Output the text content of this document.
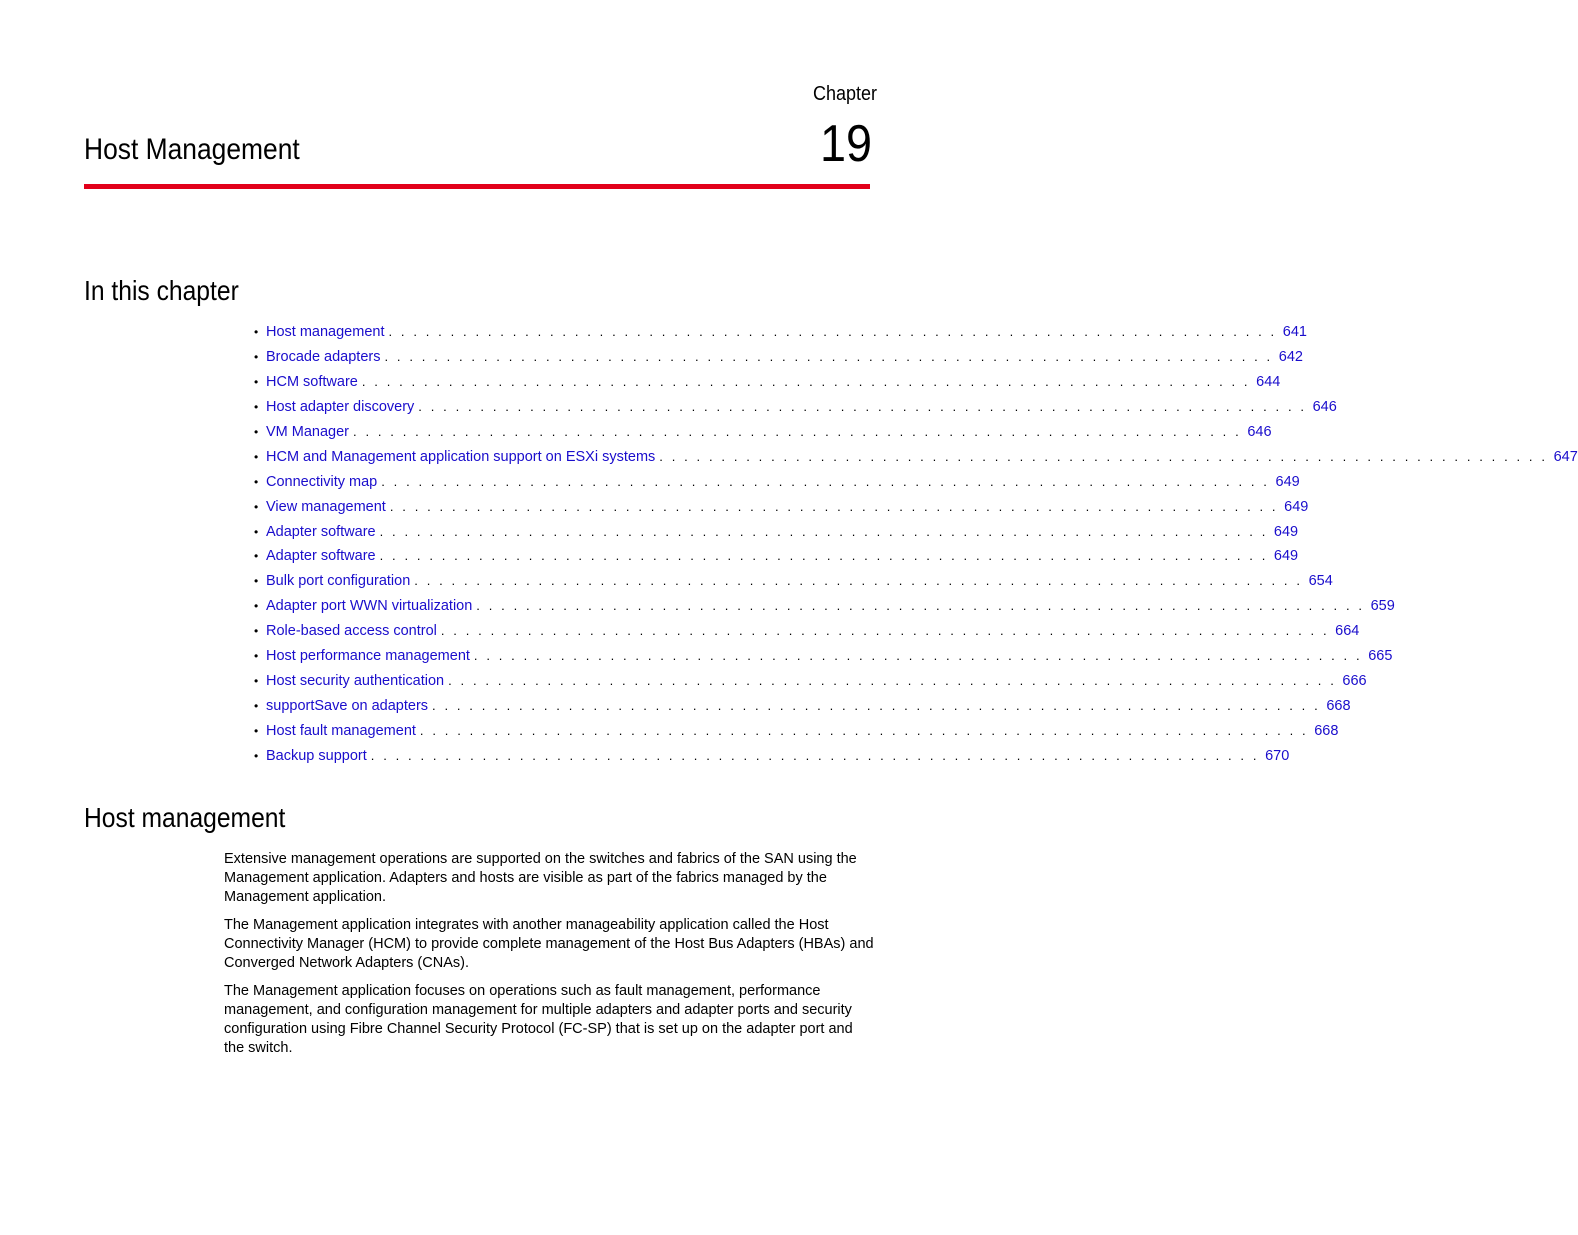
Chapter
19
Host Management
In this chapter
• Host management . . . . . . . . . . . . . . . . . . . . . . . . . . . . . . . . . . . . . . . . . . . . . . . . . . . . . . . . . . . . . . . . . . . . . . . . 641
• Brocade adapters . . . . . . . . . . . . . . . . . . . . . . . . . . . . . . . . . . . . . . . . . . . . . . . . . . . . . . . . . . . . . . . . . . . . . . . . 642
• HCM software . . . . . . . . . . . . . . . . . . . . . . . . . . . . . . . . . . . . . . . . . . . . . . . . . . . . . . . . . . . . . . . . . . . . . . . . 644
• Host adapter discovery . . . . . . . . . . . . . . . . . . . . . . . . . . . . . . . . . . . . . . . . . . . . . . . . . . . . . . . . . . . . . . . . . . . . . . . . 646
• VM Manager . . . . . . . . . . . . . . . . . . . . . . . . . . . . . . . . . . . . . . . . . . . . . . . . . . . . . . . . . . . . . . . . . . . . . . . . 646
• HCM and Management application support on ESXi systems . . . . . . . . . . . . . . . . . . . . . . . . . . . . . . . . . . . . . . . . . . . . . . . . . . . . . . . . . . . . . . . . . . . . . . . . 647
• Connectivity map . . . . . . . . . . . . . . . . . . . . . . . . . . . . . . . . . . . . . . . . . . . . . . . . . . . . . . . . . . . . . . . . . . . . . . . . 649
• View management . . . . . . . . . . . . . . . . . . . . . . . . . . . . . . . . . . . . . . . . . . . . . . . . . . . . . . . . . . . . . . . . . . . . . . . . 649
• Adapter software . . . . . . . . . . . . . . . . . . . . . . . . . . . . . . . . . . . . . . . . . . . . . . . . . . . . . . . . . . . . . . . . . . . . . . . . 649
• Adapter software . . . . . . . . . . . . . . . . . . . . . . . . . . . . . . . . . . . . . . . . . . . . . . . . . . . . . . . . . . . . . . . . . . . . . . . . 649
• Bulk port configuration . . . . . . . . . . . . . . . . . . . . . . . . . . . . . . . . . . . . . . . . . . . . . . . . . . . . . . . . . . . . . . . . . . . . . . . . 654
• Adapter port WWN virtualization . . . . . . . . . . . . . . . . . . . . . . . . . . . . . . . . . . . . . . . . . . . . . . . . . . . . . . . . . . . . . . . . . . . . . . . . 659
• Role-based access control . . . . . . . . . . . . . . . . . . . . . . . . . . . . . . . . . . . . . . . . . . . . . . . . . . . . . . . . . . . . . . . . . . . . . . . . 664
• Host performance management . . . . . . . . . . . . . . . . . . . . . . . . . . . . . . . . . . . . . . . . . . . . . . . . . . . . . . . . . . . . . . . . . . . . . . . . 665
• Host security authentication . . . . . . . . . . . . . . . . . . . . . . . . . . . . . . . . . . . . . . . . . . . . . . . . . . . . . . . . . . . . . . . . . . . . . . . . 666
• supportSave on adapters . . . . . . . . . . . . . . . . . . . . . . . . . . . . . . . . . . . . . . . . . . . . . . . . . . . . . . . . . . . . . . . . . . . . . . . . 668
• Host fault management . . . . . . . . . . . . . . . . . . . . . . . . . . . . . . . . . . . . . . . . . . . . . . . . . . . . . . . . . . . . . . . . . . . . . . . . 668
• Backup support . . . . . . . . . . . . . . . . . . . . . . . . . . . . . . . . . . . . . . . . . . . . . . . . . . . . . . . . . . . . . . . . . . . . . . . . 670
Host management

Extensive management operations are supported on the switches and fabrics of the SAN using the Management application. Adapters and hosts are visible as part of the fabrics managed by the Management application.

The Management application integrates with another manageability application called the Host Connectivity Manager (HCM) to provide complete management of the Host Bus Adapters (HBAs) and Converged Network Adapters (CNAs).

The Management application focuses on operations such as fault management, performance management, and configuration management for multiple adapters and adapter ports and security configuration using Fibre Channel Security Protocol (FC-SP) that is set up on the adapter port and the switch.
